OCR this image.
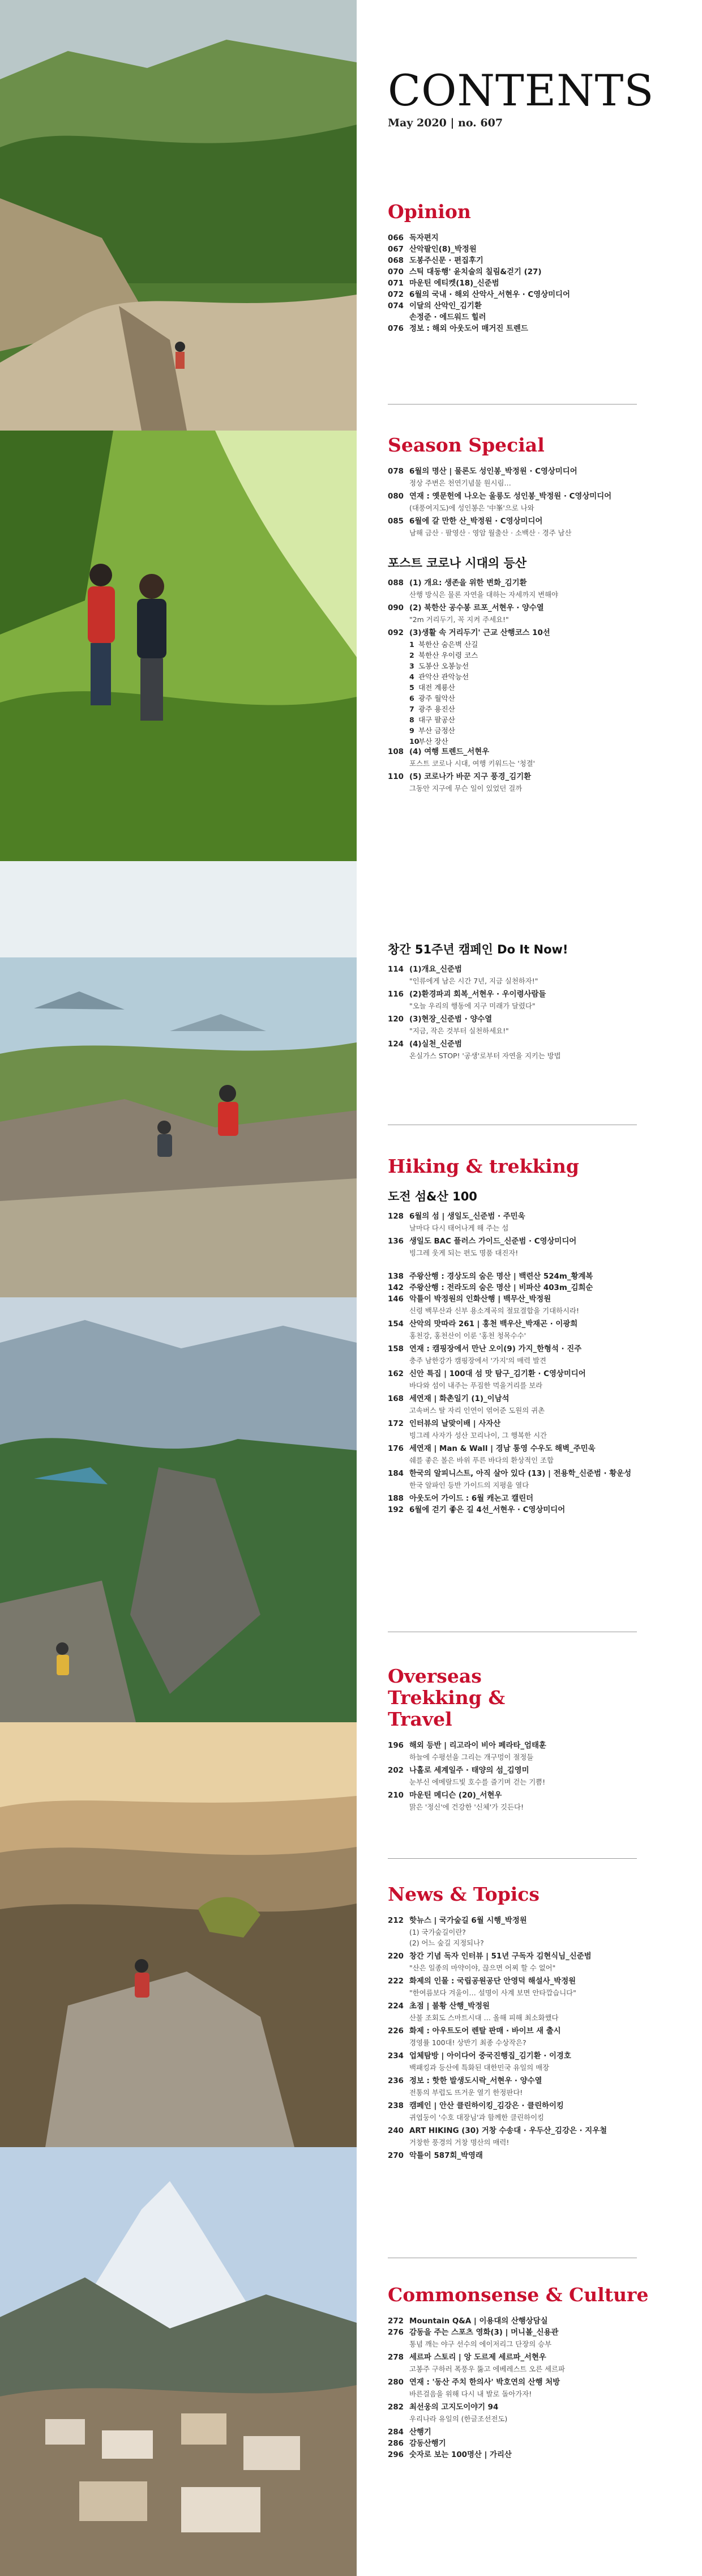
CONTENTS
May 2020 | no. 607
Opinion
066 독자편지
067 산악팔인(8)_박정원
068 도봉주신문 · 편집후기
070 스틱 대동행' 윤치술의 칠림&걷기 (27)
071 마운틴 에티켓(18)_신준범
072 6월의 국내 · 해외 산악사_서현우 · C영상미디어
074 이달의 산악인_김기환
손정준 · 에드워드 힐러
076 정보 : 해외 아웃도어 매거진 트렌드
Season Special
078 6월의 명산 | 물론도 성인봉_박정원 · C영상미디어
정상 주변은 천연기념물 원시림…
080 연재 : 옛문헌에 나오는 울릉도 성인봉_박정원 · C영상미디어
(대풍여지도)에 성인봉은 '中峯'으로 나와
085 6월에 갈 만한 산_박정원 · C영상미디어
남해 금산 · 팔영산 · 영암 월출산 · 소백산 · 경주 남산
포스트 코로나 시대의 등산
088 (1) 개요: 생존을 위한 변화_김기환
산행 방식은 물론 자연을 대하는 자세까지 변해야
090 (2) 북한산 공수봉 르포_서현우 · 양수열
"2m 거리두기, 꼭 지켜 주세요!"
092 (3)생활 속 거리두기' 근교 산행코스 10선
1 북한산 숨은벽 산길
2 북한산 우이령 코스
3 도봉산 오봉능선
4 관악산 관악능선
5 대전 계룡산
6 광주 월악산
7 광주 용진산
8 대구 팔공산
9 부산 금정산
10부산 장산
108 (4) 여행 트렌드_서현우
포스트 코로나 시대, 여행 키워드는 '청결'
110 (5) 코로나가 바꾼 지구 풍경_김기환
그동안 지구에 무슨 일이 있었던 걸까
창간 51주년 캠페인 Do It Now!
114 (1)개요_신준범
"인류에게 남은 시간 7년, 지금 실천하자!"
116 (2)환경파괴 회복_서현우 · 우이령사람들
"오늘 우리의 행동에 지구 미래가 달렸다"
120 (3)현장_신준범 · 양수열
"지금, 작은 것부터 실천하세요!"
124 (4)실천_신준범
온실가스 STOP! '공생'로부터 자연을 지키는 방법
Hiking & trekking
도전 섬&산 100
128 6월의 섬 | 생일도_신준범 · 주민욱
날마다 다시 태어나게 해 주는 섬
136 생일도 BAC 플러스 가이드_신준범 · C영상미디어
빙그레 웃게 되는 편도 명품 대진자!
138 주왕산행 : 경상도의 숨은 명산 | 백련산 524m_황계복
142 주왕산행 : 전라도의 숨은 명산 | 비파산 403m_김희순
146 악틀이 박정원의 인화산행 | 백무산_박정원
신령 백무산과 신부 용소계곡의 절묘결합을 기대하시라!
154 산악의 맛따라 261 | 홍천 백우산_박재곤 · 이광희
홍천강, 홍천산이 이룬 '홍천 청목수수'
158 연재 : 캠핑장에서 만난 오이(9) 가지_한형석 · 진주
충주 남한강가 캠핑장에서 '가지'의 매력 발견
162 신안 특집 | 100대 섬 맛 탐구_김기환 · C영상미디어
바다와 섬이 내주는 푸짐한 먹을거리를 보라
168 세연재 | 화촌일기 (1)_이남석
고속버스 탈 자리 인연이 엮어준 도원의 귀촌
172 인터뷰의 날맞이배 | 사자산
빙그레 사자가 성산 꼬리나이, 그 행복한 시간
176 세연재 | Man & Wall | 경남 통영 수우도 해벽_주민욱
쉐를 좋은 볼은 바위 푸른 바다의 환상적인 조합
184 한국의 알피니스트, 아직 살아 있다 (13) | 전용학_신준범 · 황운성
한국 알파인 등반 가이드의 지평을 열다
188 아웃도어 가이드 : 6월 캐논고 캘린더
192 6월에 걷기 좋은 길 4선_서현우 · C영상미디어
Overseas Trekking & Travel
196 해외 등반 | 리고라이 비아 페라타_엄태훈
하늘에 수평선을 그리는 개구멍이 절정들
202 나홀로 세계일주 · 태양의 섬_김영미
눈부신 에메랄드빛 호수를 즐기며 걷는 기쁨!
210 마운틴 메디슨 (20)_서현우
맑은 '정신'에 건강한 '신체'가 깃든다!
News & Topics
212 핫뉴스 | 국가숲길 6월 시행_박정원
(1) 국가숲길이란?
(2) 어느 숲길 지정되나?
220 창간 기념 독자 인터뷰 | 51년 구독자 김현식님_신준범
"산은 일종의 마약이야, 끊으면 어찌 할 수 없어"
222 화제의 인물 : 국립공원공단 안영덕 해설사_박정원
"한여름보다 겨울이… 설명이 사계 보면 안타깝습니다"
224 초점 | 불황 산행_박정원
산불 조회도 스마트시대 … 올해 피해 최소화했다
226 화제 : 아우트도어 렌탈 판매 · 바이브 새 출시
경영률 100대! 상반기 최종 수상작은?
234 업체탐방 | 아이다어 중국진행집_김기환 · 이경호
백패킹과 등산에 특화된 대한민국 유일의 매장
236 정보 : 핫한 발생도시락_서현우 · 양수열
전통의 부럽도 뜨거운 열기 한정판다!
238 캠페인 | 안산 클린하이킹_김강은 · 클린하이킹
귀엽둥이 '수호 대장님'과 함께한 클린하이킹
240 ART HIKING (30) 거창 수송대 · 우두산_김강은 · 지우철
거창한 풍경의 거창 명산의 매력!
270 악틀이 587회_박영래
Commonsense & Culture
272 Mountain Q&A | 이용대의 산행상담실
276 감동을 주는 스포츠 영화(3) | 머니볼_신용관
통념 깨는 야구 선수의 에이저리그 단장의 승부
278 세르파 스토리 | 앙 도르제 세르파_서현우
고봉주 구하러 폭풍우 뚫고 에베레스트 오른 세르파
280 연재 : '동산 주치 한의사' 박호연의 산행 처방
바른걸음을 위해 다시 내 발로 돌아가자!
282 최선웅의 고지도이야기 94
우리나라 유일의 (한글조선전도)
284 산행기
286 감동산행기
296 숫자로 보는 100명산 | 가리산
